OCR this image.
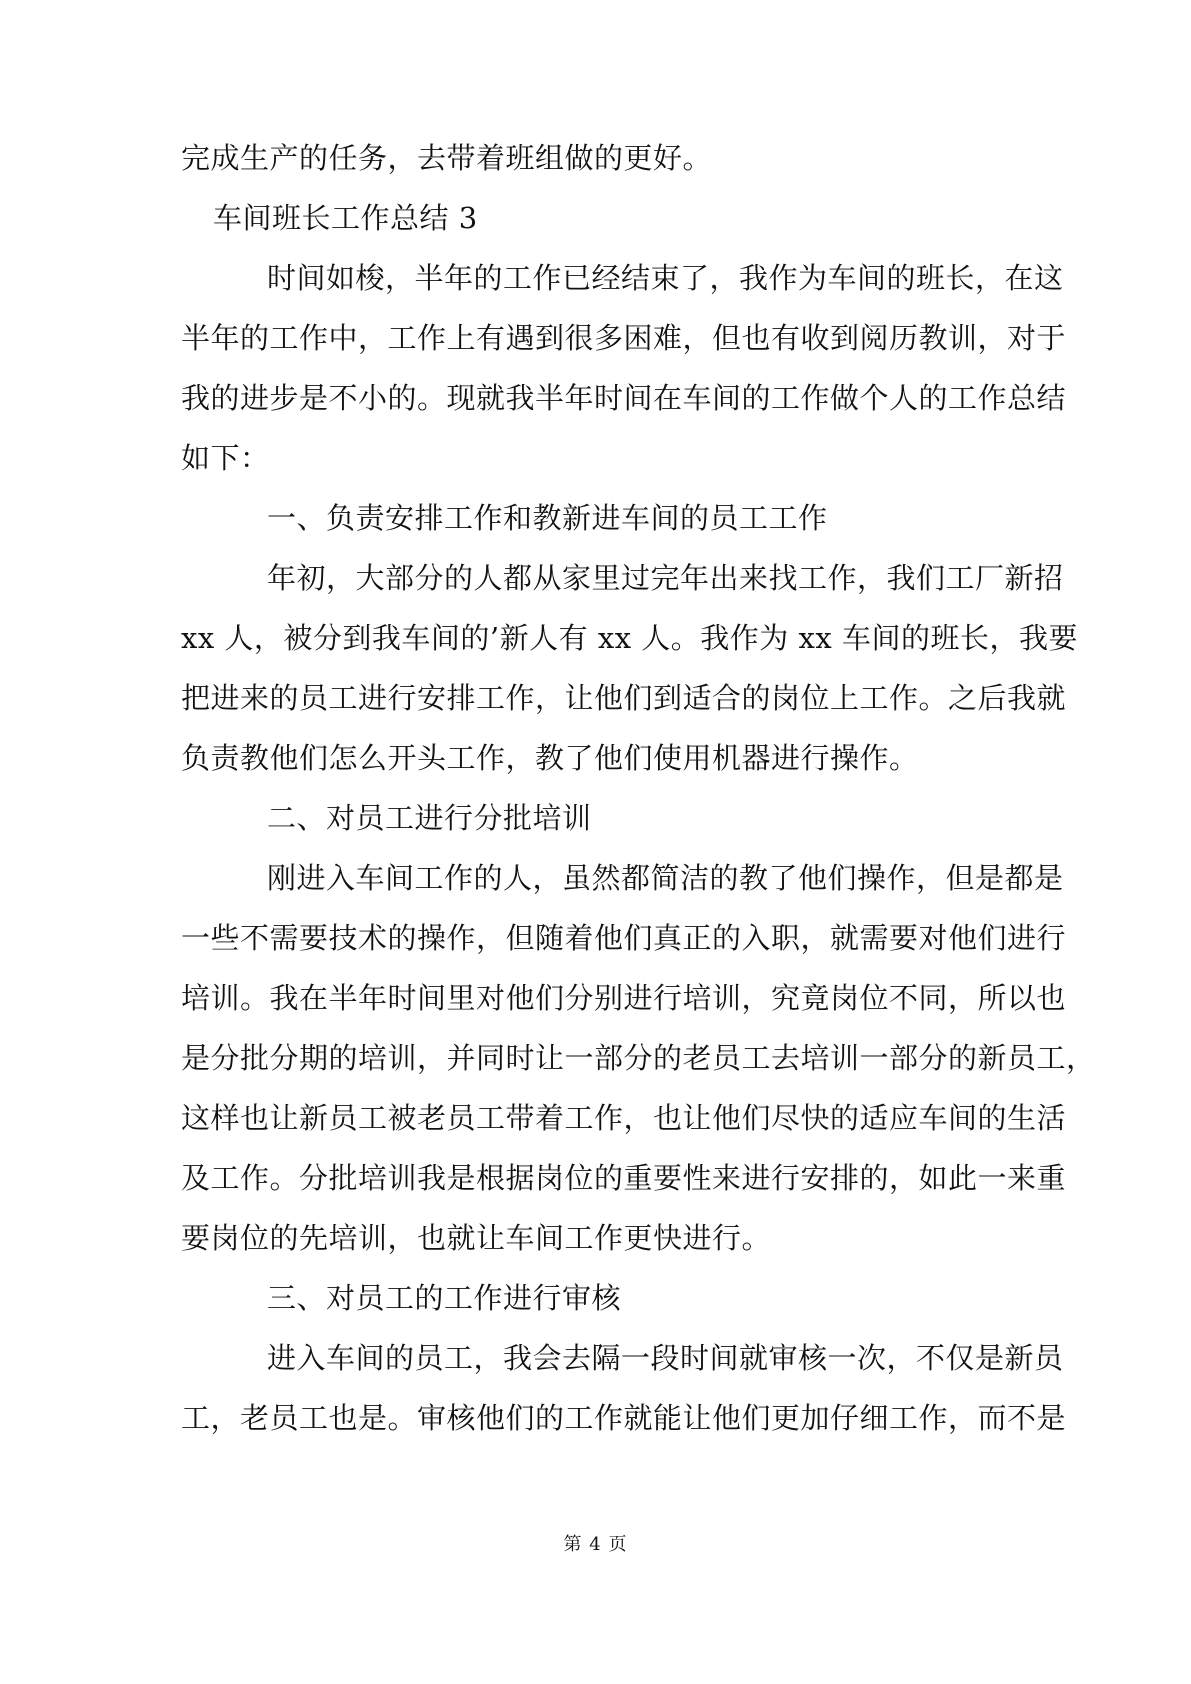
完成生产的任务，去带着班组做的更好。
车间班长工作总结 3
时间如梭，半年的工作已经结束了，我作为车间的班长，在这
半年的工作中，工作上有遇到很多困难，但也有收到阅历教训，对于
我的进步是不小的。现就我半年时间在车间的工作做个人的工作总结
如下：
一、负责安排工作和教新进车间的员工工作
年初，大部分的人都从家里过完年出来找工作，我们工厂新招
xx 人，被分到我车间的’新人有 xx 人。我作为 xx 车间的班长，我要
把进来的员工进行安排工作，让他们到适合的岗位上工作。之后我就
负责教他们怎么开头工作，教了他们使用机器进行操作。
二、对员工进行分批培训
刚进入车间工作的人，虽然都简洁的教了他们操作，但是都是
一些不需要技术的操作，但随着他们真正的入职，就需要对他们进行
培训。我在半年时间里对他们分别进行培训，究竟岗位不同，所以也
是分批分期的培训，并同时让一部分的老员工去培训一部分的新员工，
这样也让新员工被老员工带着工作，也让他们尽快的适应车间的生活
及工作。分批培训我是根据岗位的重要性来进行安排的，如此一来重
要岗位的先培训，也就让车间工作更快进行。
三、对员工的工作进行审核
进入车间的员工，我会去隔一段时间就审核一次，不仅是新员
工，老员工也是。审核他们的工作就能让他们更加仔细工作，而不是
第 4 页
